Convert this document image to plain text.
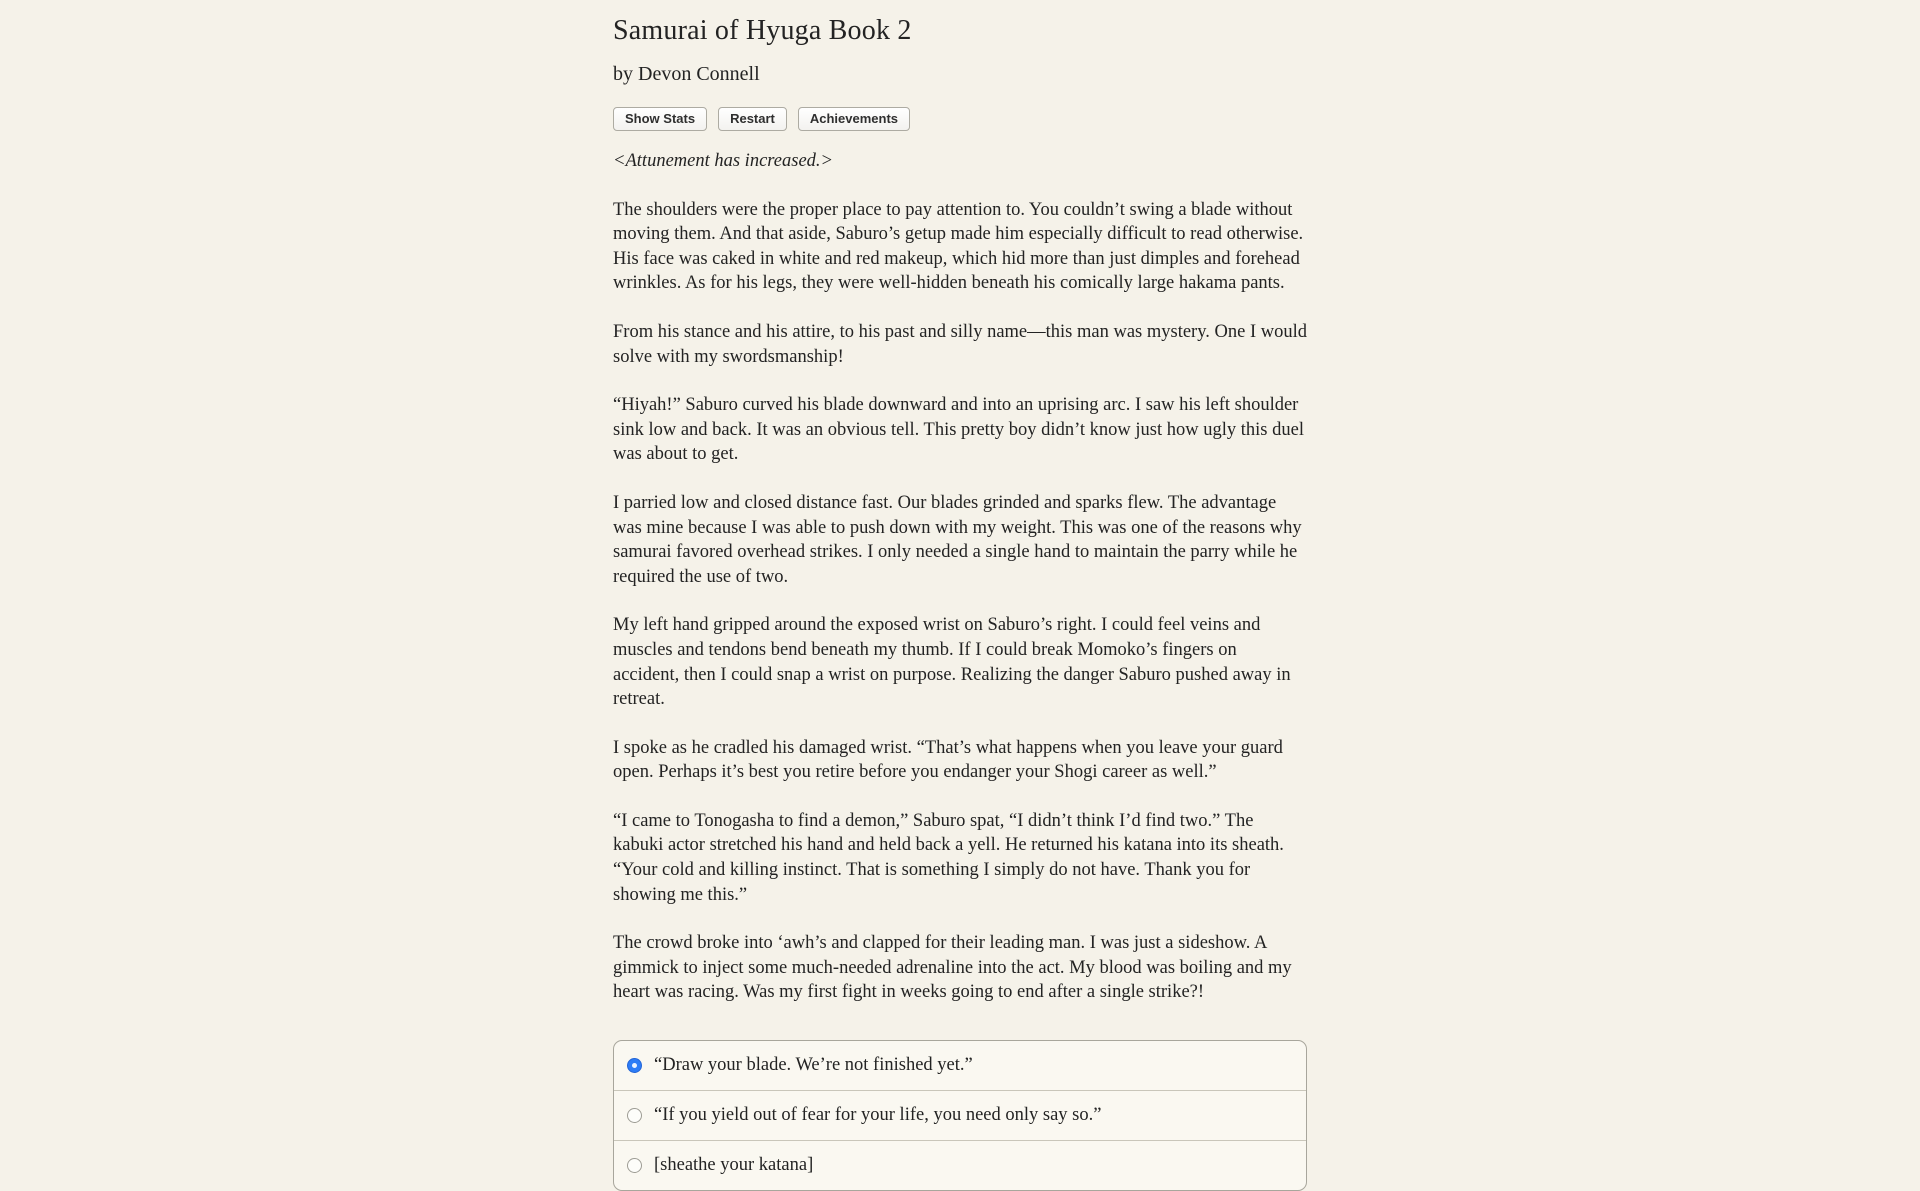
Samurai of Hyuga Book 2

by Devon Connell

Show Stats	Restart	Achievements

<Attunement has increased.>

The shoulders were the proper place to pay attention to. You couldn’t swing a blade without moving them. And that aside, Saburo’s getup made him especially difficult to read otherwise. His face was caked in white and red makeup, which hid more than just dimples and forehead wrinkles. As for his legs, they were well-hidden beneath his comically large hakama pants.

From his stance and his attire, to his past and silly name—this man was mystery. One I would solve with my swordsmanship!

“Hiyah!” Saburo curved his blade downward and into an uprising arc. I saw his left shoulder sink low and back. It was an obvious tell. This pretty boy didn’t know just how ugly this duel was about to get.

I parried low and closed distance fast. Our blades grinded and sparks flew. The advantage was mine because I was able to push down with my weight. This was one of the reasons why samurai favored overhead strikes. I only needed a single hand to maintain the parry while he required the use of two.

My left hand gripped around the exposed wrist on Saburo’s right. I could feel veins and muscles and tendons bend beneath my thumb. If I could break Momoko’s fingers on accident, then I could snap a wrist on purpose. Realizing the danger Saburo pushed away in retreat.

I spoke as he cradled his damaged wrist. “That’s what happens when you leave your guard open. Perhaps it’s best you retire before you endanger your Shogi career as well.”

“I came to Tonogasha to find a demon,” Saburo spat, “I didn’t think I’d find two.” The kabuki actor stretched his hand and held back a yell. He returned his katana into its sheath. “Your cold and killing instinct. That is something I simply do not have. Thank you for showing me this.”

The crowd broke into ‘awh’s and clapped for their leading man. I was just a sideshow. A gimmick to inject some much-needed adrenaline into the act. My blood was boiling and my heart was racing. Was my first fight in weeks going to end after a single strike?!

“Draw your blade. We’re not finished yet.”
“If you yield out of fear for your life, you need only say so.”
[sheathe your katana]
